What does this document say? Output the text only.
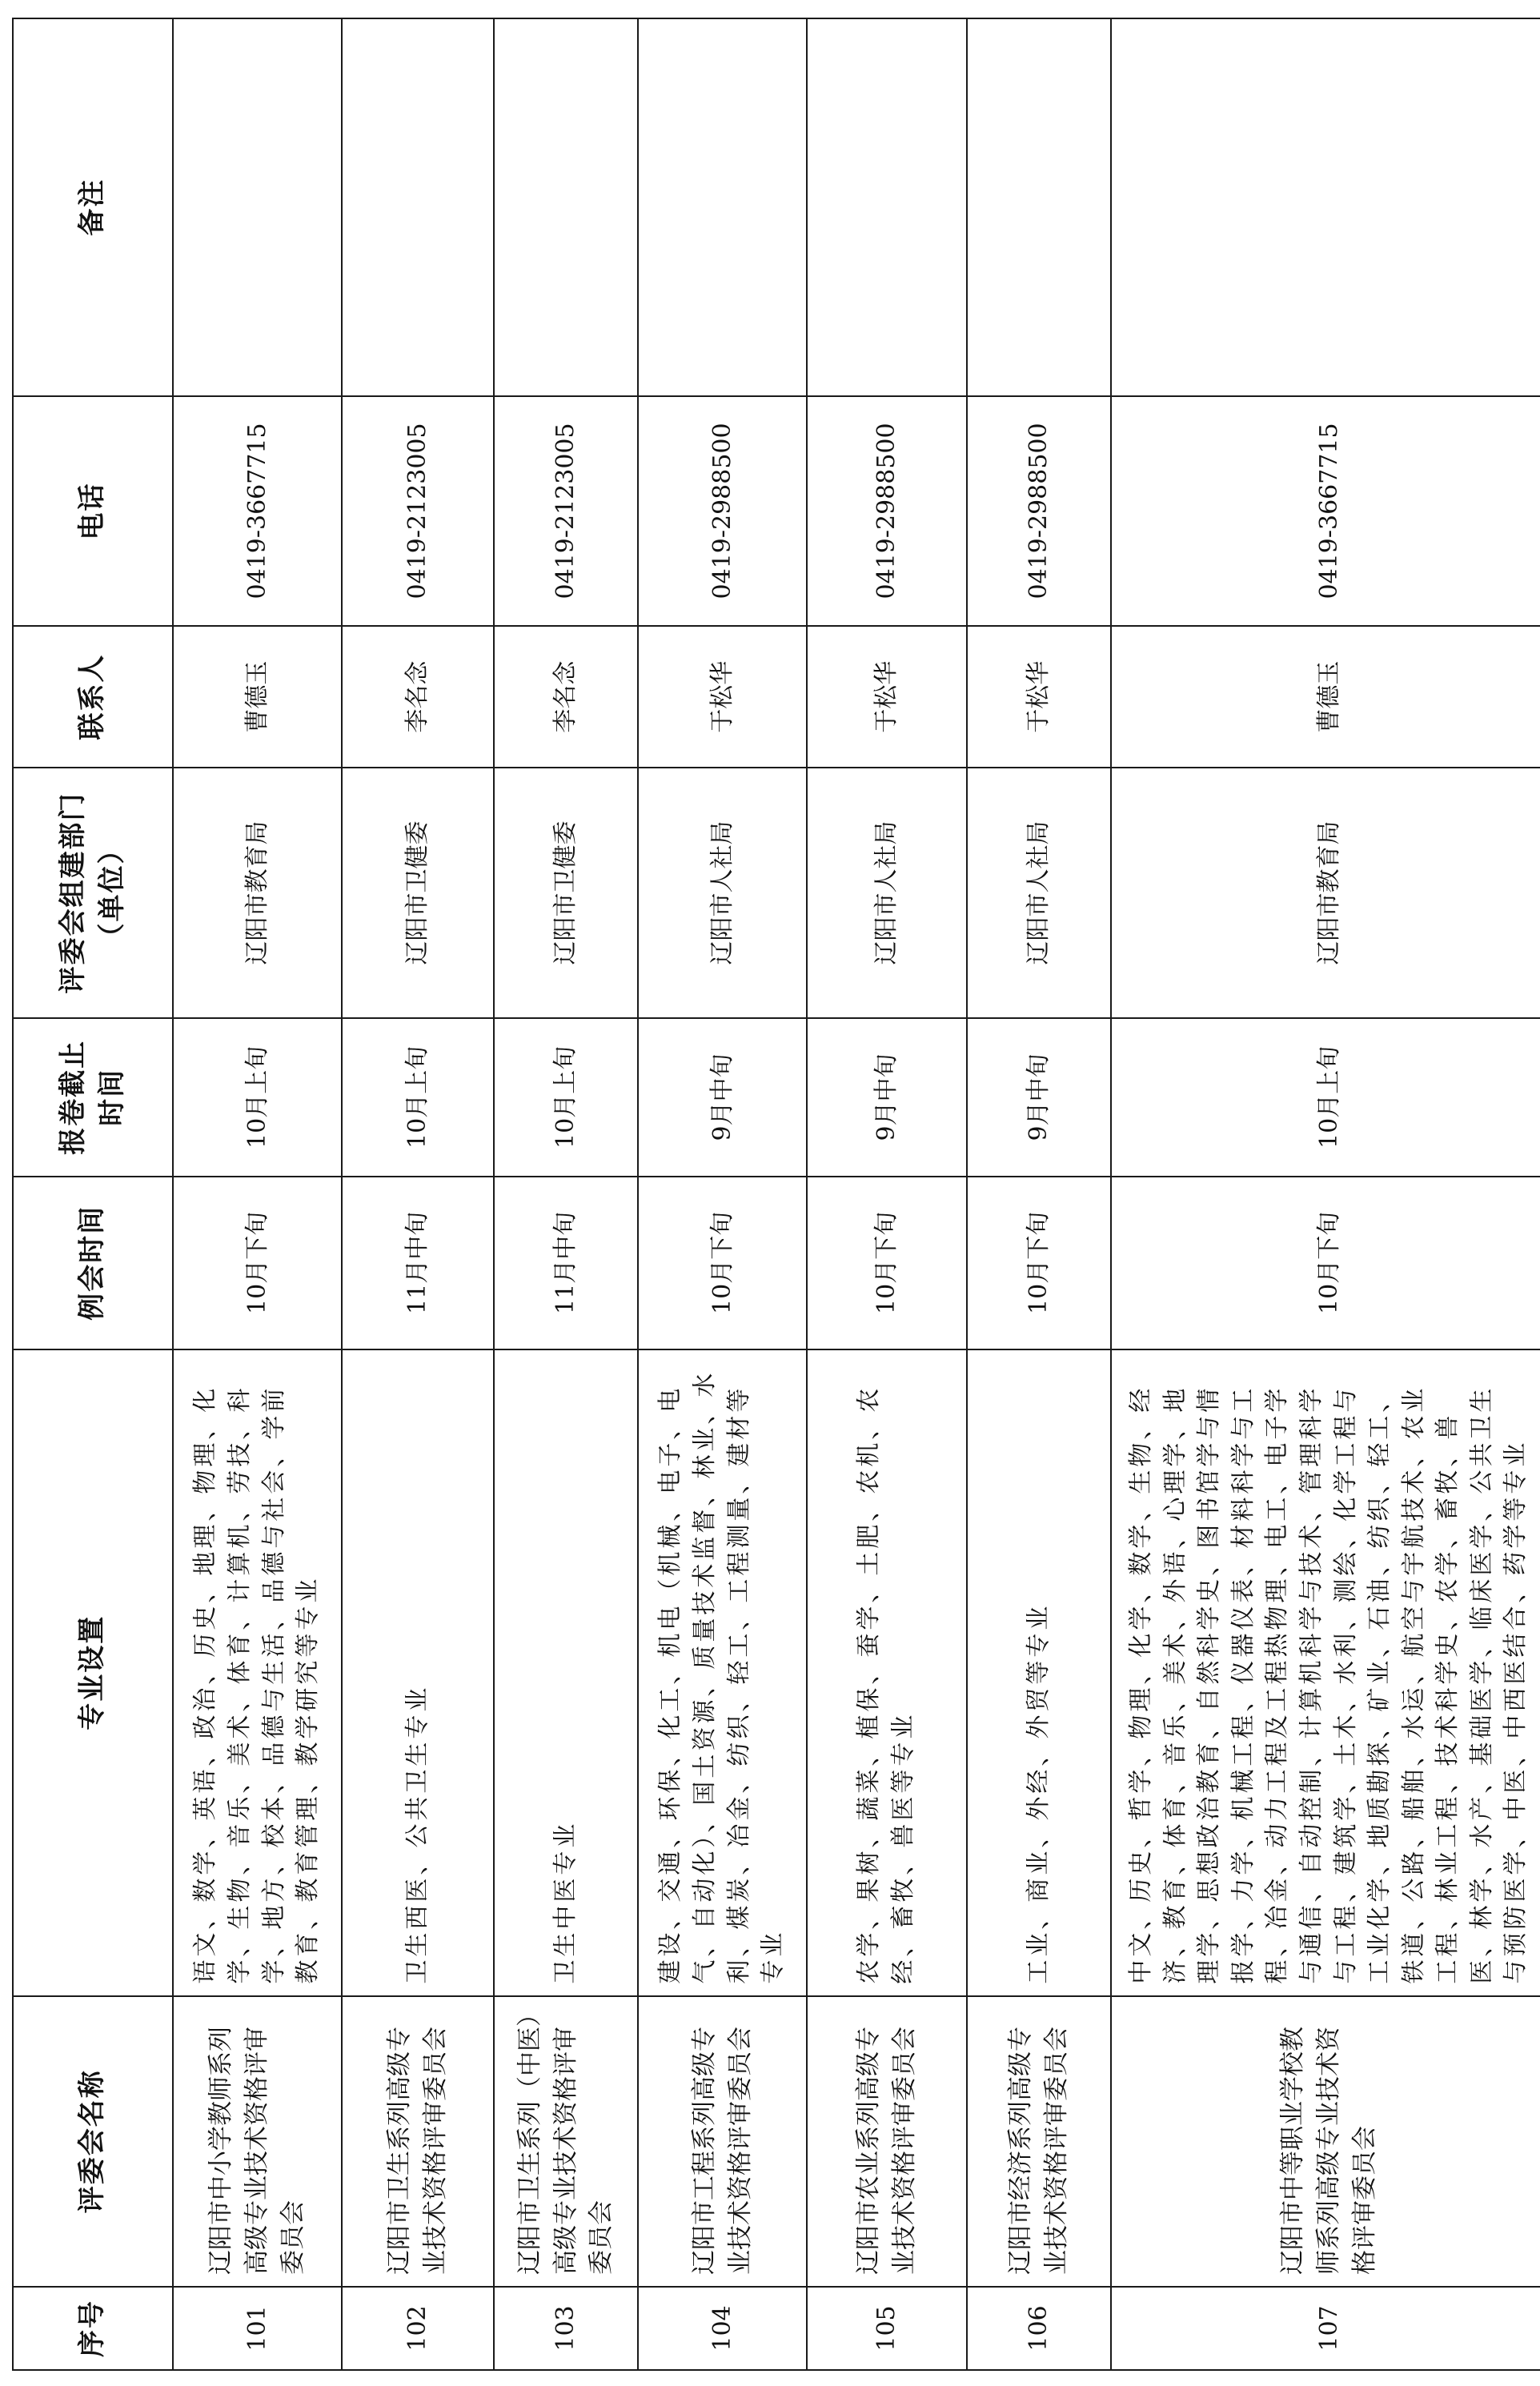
序号	评委会名称	专业设置	例会时间	报卷截止时间	评委会组建部门（单位）	联系人	电话	备注
101	辽阳市中小学教师系列高级专业技术资格评审委员会	语文、数学、英语、政治、历史、地理、物理、化学、生物、音乐、美术、体育、计算机、劳技、科学、地方、校本、品德与生活、品德与社会、学前教育、教育管理、教学研究等专业	10月下旬	10月上旬	辽阳市教育局	曹德玉	0419-3667715	
102	辽阳市卫生系列高级专业技术资格评审委员会	卫生西医、公共卫生专业	11月中旬	10月上旬	辽阳市卫健委	李名念	0419-2123005	
103	辽阳市卫生系列（中医）高级专业技术资格评审委员会	卫生中医专业	11月中旬	10月上旬	辽阳市卫健委	李名念	0419-2123005	
104	辽阳市工程系列高级专业技术资格评审委员会	建设、交通、环保、化工、机电（机械、电子、电气、自动化）、国土资源、质量技术监督、林业、水利、煤炭、冶金、纺织、轻工、工程测量、建材等专业	10月下旬	9月中旬	辽阳市人社局	于松华	0419-2988500	
105	辽阳市农业系列高级专业技术资格评审委员会	农学、果树、蔬菜、植保、蚕学、土肥、农机、农经、畜牧、兽医等专业	10月下旬	9月中旬	辽阳市人社局	于松华	0419-2988500	
106	辽阳市经济系列高级专业技术资格评审委员会	工业、商业、外经、外贸等专业	10月下旬	9月中旬	辽阳市人社局	于松华	0419-2988500	
107	辽阳市中等职业学校教师系列高级专业技术资格评审委员会	中文、历史、哲学、物理、化学、数学、生物、经济、教育、体育、音乐、美术、外语、心理学、地理学、思想政治教育、自然科学史、图书馆学与情报学、力学、机械工程、仪器仪表、材料科学与工程、冶金、动力工程及工程热物理、电工、电子学与通信、自动控制、计算机科学与技术、管理科学与工程、建筑学、土木、水利、测绘、化学工程与工业化学、地质勘探、矿业、石油、纺织、轻工、铁道、公路、船舶、水运、航空与宇航技术、农业工程、林业工程、技术科学史、农学、畜牧、兽医、林学、水产、基础医学、临床医学、公共卫生与预防医学、中医、中西医结合、药学等专业	10月下旬	10月上旬	辽阳市教育局	曹德玉	0419-3667715	
